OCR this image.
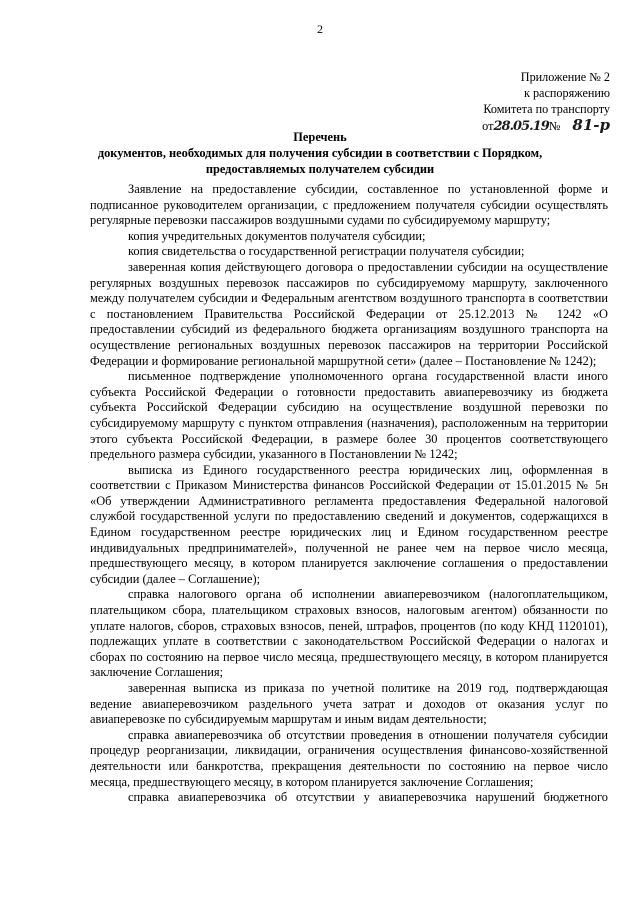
2
Приложение № 2
к распоряжению
Комитета по транспорту
от28.05.19№ 81-р
Перечень
документов, необходимых для получения субсидии в соответствии с Порядком,
предоставляемых получателем субсидии

Заявление на предоставление субсидии, составленное по установленной форме и подписанное руководителем организации, с предложением получателя субсидии осуществлять регулярные перевозки пассажиров воздушными судами по субсидируемому маршруту;

копия учредительных документов получателя субсидии;

копия свидетельства о государственной регистрации получателя субсидии;

заверенная копия действующего договора о предоставлении субсидии на осуществление регулярных воздушных перевозок пассажиров по субсидируемому маршруту, заключенного между получателем субсидии и Федеральным агентством воздушного транспорта в соответствии с постановлением Правительства Российской Федерации от 25.12.2013 № 1242 «О предоставлении субсидий из федерального бюджета организациям воздушного транспорта на осуществление региональных воздушных перевозок пассажиров на территории Российской Федерации и формирование региональной маршрутной сети» (далее – Постановление № 1242);

письменное подтверждение уполномоченного органа государственной власти иного субъекта Российской Федерации о готовности предоставить авиаперевозчику из бюджета субъекта Российской Федерации субсидию на осуществление воздушной перевозки по субсидируемому маршруту с пунктом отправления (назначения), расположенным на территории этого субъекта Российской Федерации, в размере более 30 процентов соответствующего предельного размера субсидии, указанного в Постановлении № 1242;

выписка из Единого государственного реестра юридических лиц, оформленная в соответствии с Приказом Министерства финансов Российской Федерации от 15.01.2015 № 5н «Об утверждении Административного регламента предоставления Федеральной налоговой службой государственной услуги по предоставлению сведений и документов, содержащихся в Едином государственном реестре юридических лиц и Едином государственном реестре индивидуальных предпринимателей», полученной не ранее чем на первое число месяца, предшествующего месяцу, в котором планируется заключение соглашения о предоставлении субсидии (далее – Соглашение);

справка налогового органа об исполнении авиаперевозчиком (налогоплательщиком, плательщиком сбора, плательщиком страховых взносов, налоговым агентом) обязанности по уплате налогов, сборов, страховых взносов, пеней, штрафов, процентов (по коду КНД 1120101), подлежащих уплате в соответствии с законодательством Российской Федерации о налогах и сборах по состоянию на первое число месяца, предшествующего месяцу, в котором планируется заключение Соглашения;

заверенная выписка из приказа по учетной политике на 2019 год, подтверждающая ведение авиаперевозчиком раздельного учета затрат и доходов от оказания услуг по авиаперевозке по субсидируемым маршрутам и иным видам деятельности;

справка авиаперевозчика об отсутствии проведения в отношении получателя субсидии процедур реорганизации, ликвидации, ограничения осуществления финансово-хозяйственной деятельности или банкротства, прекращения деятельности по состоянию на первое число месяца, предшествующего месяцу, в котором планируется заключение Соглашения;

справка авиаперевозчика об отсутствии у авиаперевозчика нарушений бюджетного
